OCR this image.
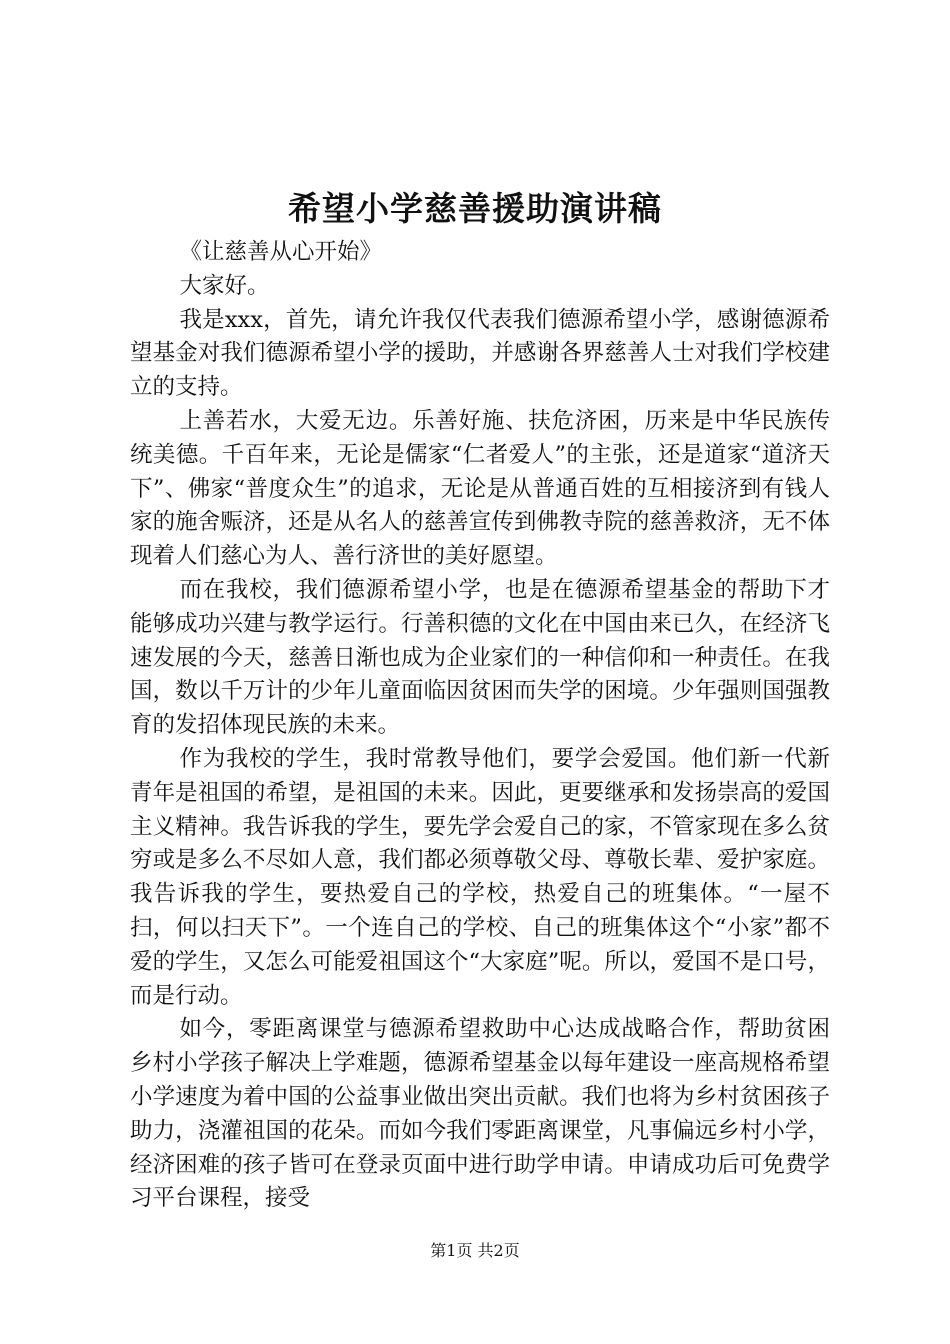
希望小学慈善援助演讲稿

《让慈善从心开始》

大家好。

我是xxx，首先，请允许我仅代表我们德源希望小学，感谢德源希望基金对我们德源希望小学的援助，并感谢各界慈善人士对我们学校建立的支持。

上善若水，大爱无边。乐善好施、扶危济困，历来是中华民族传统美德。千百年来，无论是儒家“仁者爱人”的主张，还是道家“道济天下”、佛家“普度众生”的追求，无论是从普通百姓的互相接济到有钱人家的施舍赈济，还是从名人的慈善宣传到佛教寺院的慈善救济，无不体现着人们慈心为人、善行济世的美好愿望。

而在我校，我们德源希望小学，也是在德源希望基金的帮助下才能够成功兴建与教学运行。行善积德的文化在中国由来已久，在经济飞速发展的今天，慈善日渐也成为企业家们的一种信仰和一种责任。在我国，数以千万计的少年儿童面临因贫困而失学的困境。少年强则国强教育的发招体现民族的未来。

作为我校的学生，我时常教导他们，要学会爱国。他们新一代新青年是祖国的希望，是祖国的未来。因此，更要继承和发扬崇高的爱国主义精神。我告诉我的学生，要先学会爱自己的家，不管家现在多么贫穷或是多么不尽如人意，我们都必须尊敬父母、尊敬长辈、爱护家庭。我告诉我的学生，要热爱自己的学校，热爱自己的班集体。“一屋不扫，何以扫天下”。一个连自己的学校、自己的班集体这个“小家”都不爱的学生，又怎么可能爱祖国这个“大家庭”呢。所以，爱国不是口号，而是行动。

如今，零距离课堂与德源希望救助中心达成战略合作，帮助贫困乡村小学孩子解决上学难题，德源希望基金以每年建设一座高规格希望小学速度为着中国的公益事业做出突出贡献。我们也将为乡村贫困孩子助力，浇灌祖国的花朵。而如今我们零距离课堂，凡事偏远乡村小学，经济困难的孩子皆可在登录页面中进行助学申请。申请成功后可免费学习平台课程，接受

第1页 共2页
